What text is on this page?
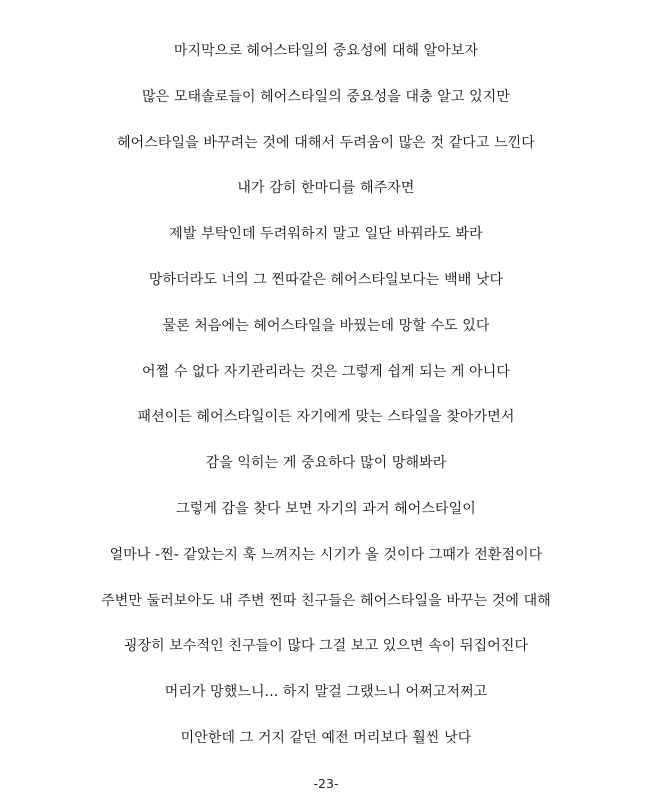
마지막으로 헤어스타일의 중요성에 대해 알아보자
많은 모태솔로들이 헤어스타일의 중요성을 대충 알고 있지만
헤어스타일을 바꾸려는 것에 대해서 두려움이 많은 것 같다고 느낀다
내가 감히 한마디를 해주자면
제발 부탁인데 두려워하지 말고 일단 바꿔라도 봐라
망하더라도 너의 그 찐따같은 헤어스타일보다는 백배 낫다
물론 처음에는 헤어스타일을 바꿨는데 망할 수도 있다
어쩔 수 없다 자기관리라는 것은 그렇게 쉽게 되는 게 아니다
패션이든 헤어스타일이든 자기에게 맞는 스타일을 찾아가면서
감을 익히는 게 중요하다 많이 망해봐라
그렇게 감을 찾다 보면 자기의 과거 헤어스타일이
얼마나 -찐- 같았는지 훅 느껴지는 시기가 올 것이다 그때가 전환점이다
주변만 둘러보아도 내 주변 찐따 친구들은 헤어스타일을 바꾸는 것에 대해
굉장히 보수적인 친구들이 많다 그걸 보고 있으면 속이 뒤집어진다
머리가 망했느니... 하지 말걸 그랬느니 어쩌고저쩌고
미안한데 그 거지 같던 예전 머리보다 훨씬 낫다
-23-
